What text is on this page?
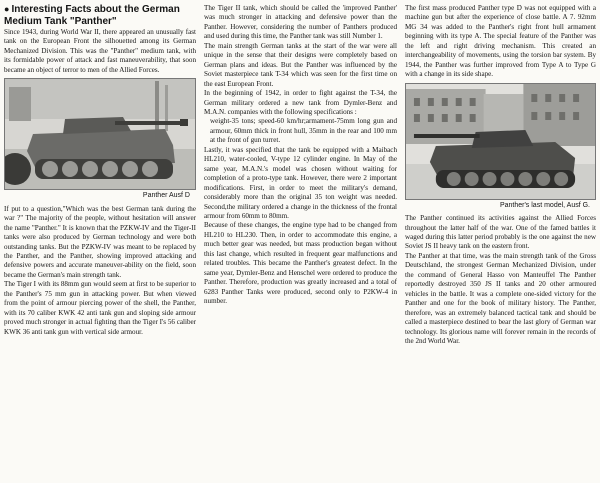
● Interesting Facts about the German
Medium Tank "Panther"

Since 1943, during World War II, there appeared an unusually fast tank on the European Front the silhouetted among its German Mechanized Division. This was the "Panther" medium tank, with its formidable power of attack and fast maneuverability, that soon became an object of terror to men of the Allied Forces.

Panther Ausf D

If put to a question,"Which was the best German tank during the war ?" The majority of the people, without hesitation will answer the name "Panther." It is known that the PZKW-IV and the Tiger-II tanks were also produced by German technology and were both outstanding tanks. But the PZKW-IV was meant to be replaced by the Panther, and the Panther, showing improved attacking and defensive powers and accurate maneuver-ability on the field, soon became the German's main strength tank.

The Tiger I with its 88mm gun would seem at first to be superior to the Panther's 75 mm gun in attacking power. But when viewed from the point of armour piercing power of the shell, the Panther, with its 70 caliber KWK 42 anti tank gun and sloping side armour proved much stronger in actual fighting than the Tiger I's 56 caliber KWK 36 anti tank gun with vertical side armour.

The Tiger II tank, which should be called the 'improved Panther' was much stronger in attacking and defensive power than the Panther. However, considering the number of Panthers produced and used during this time, the Panther tank was still Number 1.

The main strength German tanks at the start of the war were all unique in the sense that their designs were completely based on German plans and ideas. But the Panther was influenced by the Soviet masterpiece tank T-34 which was seen for the first time on the east European Front.

In the beginning of 1942, in order to fight against the T-34, the German military ordered a new tank from Dymler-Benz and M.A.N. companies with the following specifications :

weight-35 tons; speed-60 km/hr;armament-75mm long gun and armour, 60mm thick in front hull, 35mm in the rear and 100 mm at the front of gun turret.

Lastly, it was specified that the tank be equipped with a Maibach HL210, water-cooled, V-type 12 cylinder engine. In May of the same year, M.A.N.'s model was chosen without waiting for completion of a proto-type tank. However, there were 2 important modifications. First, in order to meet the military's demand, considerably more than the original 35 ton weight was needed. Second,the military ordered a change in the thickness of the frontal armour from 60mm to 80mm.

Because of these changes, the engine type had to be changed from HL210 to HL230. Then, in order to accommodate this engine, a much better gear was needed, but mass production began without this last change, which resulted in frequent gear malfunctions and related troubles. This became the Panther's greatest defect. In the same year, Dymler-Benz and Henschel were ordered to produce the Panther. Therefore, production was greatly increased and a total of 6283 Panther Tanks were produced, second only to P2KW-4 in number.

The first mass produced Panther type D was not equipped with a machine gun but after the experience of close battle. A 7. 92mm MG 34 was added to the Panther's right front hull armament beginning with its type A. The special feature of the Panther was the left and right driving mechanism. This created an interchangeability of movements, using the torsion bar system. By 1944, the Panther was further improved from Type A to Type G with a change in its side shape.

Panther's last model, Ausf G.

The Panther continued its activities against the Allied Forces throughout the latter half of the war. One of the famed battles it waged during this latter period probably is the one against the new Soviet JS II heavy tank on the eastern front.

The Panther at that time, was the main strength tank of the Gross Deutschland, the strongest German Mechanized Division, under the command of General Hasso von Manteuffel The Panther reportedly destroyed 350 JS II tanks and 20 other armoured vehicles in the battle. It was a complete one-sided victory for the Panther and one for the book of military history. The Panther, therefore, was an extremely balanced tactical tank and should be called a masterpiece destined to bear the last glory of German war technology. Its glorious name will forever remain in the records of the 2nd World War.
